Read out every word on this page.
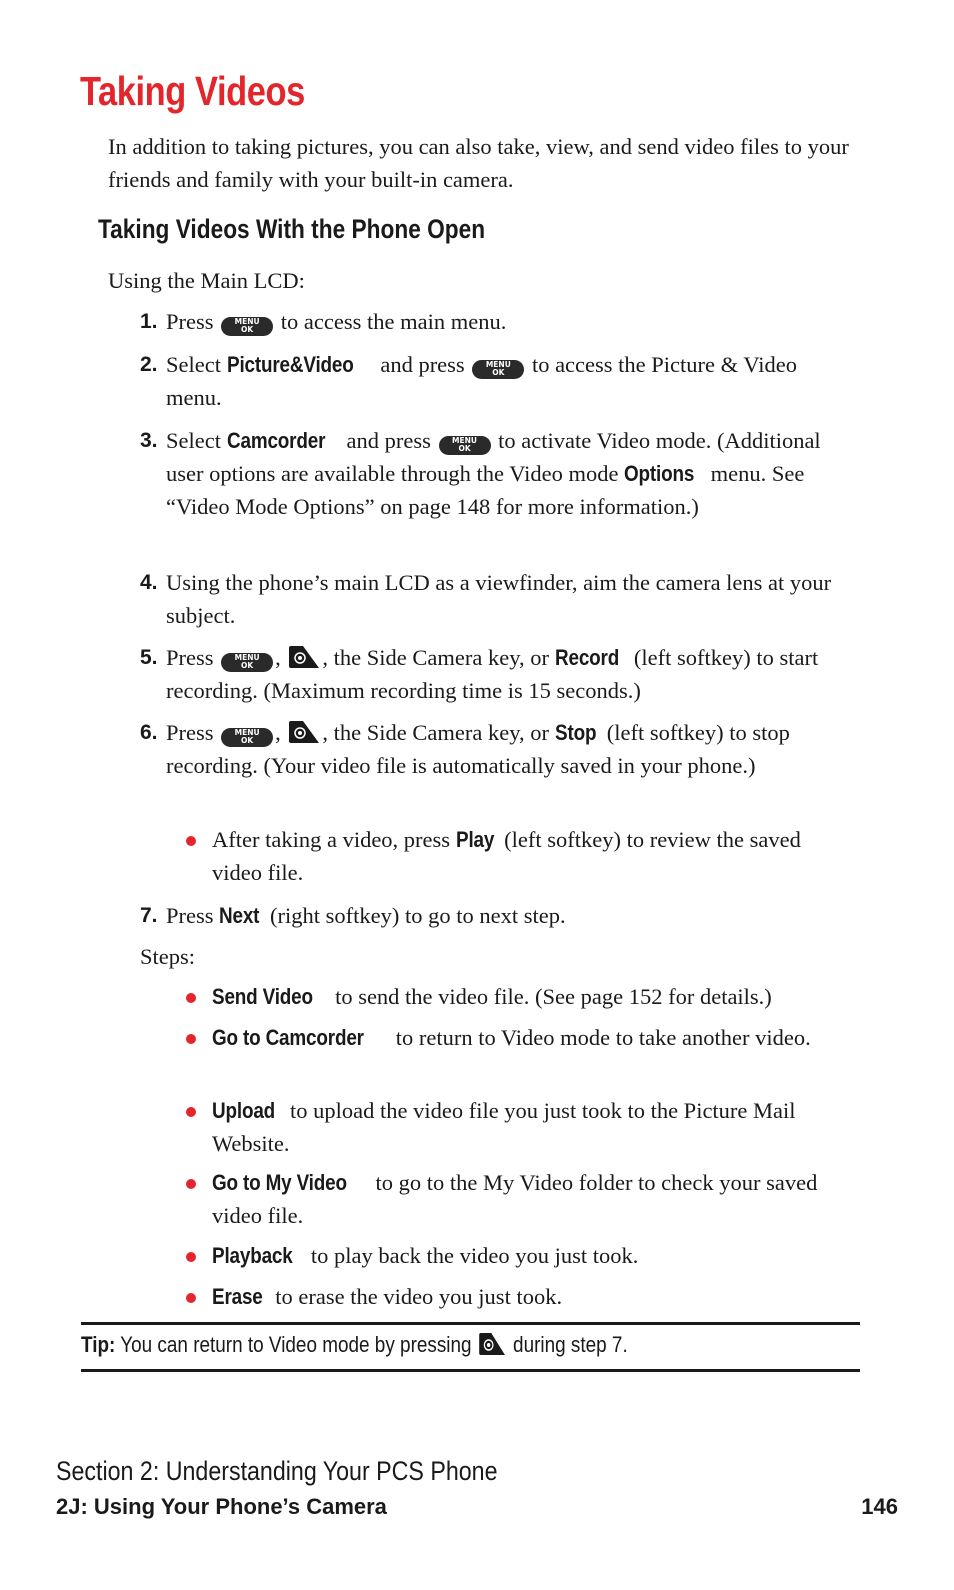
Taking Videos

In addition to taking pictures, you can also take, view, and send video files to your friends and family with your built-in camera.

Taking Videos With the Phone Open

Using the Main LCD:

1. Press	MENU
OK	to access the main menu.
2. Select Picture&Video and press	MENU
OK	to access the Picture & Video menu.
3. Select Camcorder and press	MENU
OK	to activate Video mode. (Additional user options are available through the Video mode Options menu. See “Video Mode Options” on page 148 for more information.)
4. Using the phone’s main LCD as a viewfinder, aim the camera lens at your subject.
5. Press	MENU
OK , , the Side Camera key, or Record (left softkey) to start recording. (Maximum recording time is 15 seconds.)
6. Press	MENU
OK , , the Side Camera key, or Stop (left softkey) to stop recording. (Your video file is automatically saved in your phone.)
After taking a video, press Play (left softkey) to review the saved video file.
7. Press Next (right softkey) to go to next step.

Steps:

Send Video to send the video file. (See page 152 for details.)
Go to Camcorder to return to Video mode to take another video.
Upload to upload the video file you just took to the Picture Mail Website.
Go to My Video to go to the My Video folder to check your saved video file.
Playback to play back the video you just took.
Erase to erase the video you just took.
Tip: You can return to Video mode by pressing during step 7.

Section 2: Understanding Your PCS Phone

2J: Using Your Phone’s Camera	146
